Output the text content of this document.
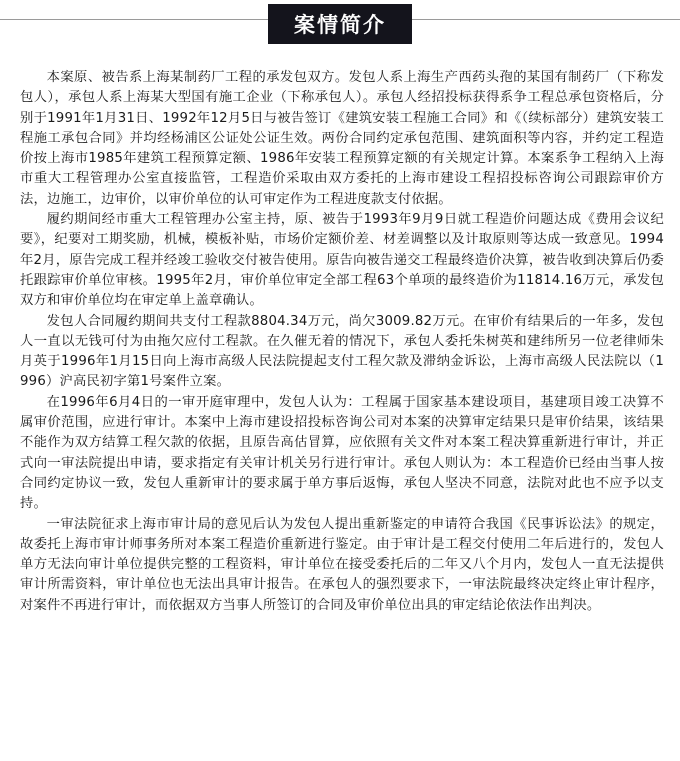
案情简介

本案原、被告系上海某制药厂工程的承发包双方。发包人系上海生产西药头孢的某国有制药厂（下称发包人），承包人系上海某大型国有施工企业（下称承包人）。承包人经招投标获得系争工程总承包资格后，分别于1991年1月31日、1992年12月5日与被告签订《建筑安装工程施工合同》和《（续标部分）建筑安装工程施工承包合同》并均经杨浦区公证处公证生效。两份合同约定承包范围、建筑面积等内容，并约定工程造价按上海市1985年建筑工程预算定额、1986年安装工程预算定额的有关规定计算。本案系争工程纳入上海市重大工程管理办公室直接监管，工程造价采取由双方委托的上海市建设工程招投标咨询公司跟踪审价方法，边施工，边审价，以审价单位的认可审定作为工程进度款支付依据。

履约期间经市重大工程管理办公室主持，原、被告于1993年9月9日就工程造价问题达成《费用会议纪要》，纪要对工期奖励，机械，模板补贴，市场价定额价差、材差调整以及计取原则等达成一致意见。1994年2月，原告完成工程并经竣工验收交付被告使用。原告向被告递交工程最终造价决算，被告收到决算后仍委托跟踪审价单位审核。1995年2月，审价单位审定全部工程63个单项的最终造价为11814.16万元，承发包双方和审价单位均在审定单上盖章确认。

发包人合同履约期间共支付工程款8804.34万元，尚欠3009.82万元。在审价有结果后的一年多，发包人一直以无钱可付为由拖欠应付工程款。在久催无着的情况下，承包人委托朱树英和建纬所另一位老律师朱月英于1996年1月15日向上海市高级人民法院提起支付工程欠款及滞纳金诉讼，上海市高级人民法院以（1996）沪高民初字第1号案件立案。

在1996年6月4日的一审开庭审理中，发包人认为：工程属于国家基本建设项目，基建项目竣工决算不属审价范围，应进行审计。本案中上海市建设招投标咨询公司对本案的决算审定结果只是审价结果，该结果不能作为双方结算工程欠款的依据，且原告高估冒算，应依照有关文件对本案工程决算重新进行审计，并正式向一审法院提出申请，要求指定有关审计机关另行进行审计。承包人则认为：本工程造价已经由当事人按合同约定协议一致，发包人重新审计的要求属于单方事后返悔，承包人坚决不同意，法院对此也不应予以支持。

一审法院征求上海市审计局的意见后认为发包人提出重新鉴定的申请符合我国《民事诉讼法》的规定，故委托上海市审计师事务所对本案工程造价重新进行鉴定。由于审计是工程交付使用二年后进行的，发包人单方无法向审计单位提供完整的工程资料，审计单位在接受委托后的二年又八个月内，发包人一直无法提供审计所需资料，审计单位也无法出具审计报告。在承包人的强烈要求下，一审法院最终决定终止审计程序，对案件不再进行审计，而依据双方当事人所签订的合同及审价单位出具的审定结论依法作出判决。
